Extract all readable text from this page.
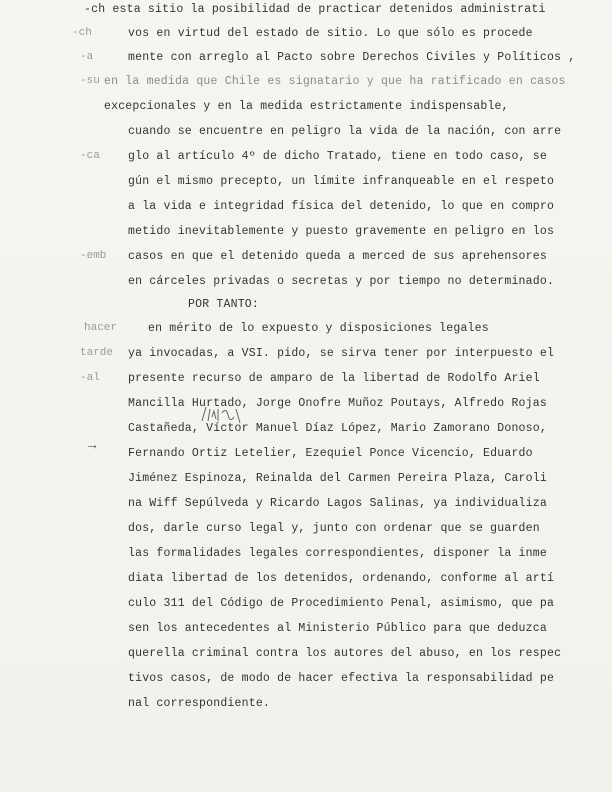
-ch esta sitio la posibilidad de practicar detenidos administrati
vos en virtud del estado de sitio. Lo que sólo es procede
mente con arreglo al Pacto sobre Derechos Civiles y Políticos ,
en la medida que Chile es signatario y que ha ratificado en casos
excepcionales y en la medida estrictamente indispensable,
cuando se encuentre en peligro la vida de la nación, con arre
glo al artículo 4º de dicho Tratado, tiene en todo caso, se
gún el mismo precepto, un límite infranqueable en el respeto
a la vida e integridad física del detenido, lo que en compro
metido inevitablemente y puesto gravemente en peligro en los
casos en que el detenido queda a merced de sus aprehensores
en cárceles privadas o secretas y por tiempo no determinado.
POR TANTO:
en mérito de lo expuesto y disposiciones legales
ya invocadas, a VSI. pido, se sirva tener por interpuesto el
presente recurso de amparo de la libertad de Rodolfo Ariel
Mancilla Hurtado, Jorge Onofre Muñoz Poutays, Alfredo Rojas
Castañeda, Víctor Manuel Díaz López, Mario Zamorano Donoso,
Fernando Ortiz Letelier, Ezequiel Ponce Vicencio, Eduardo
Jiménez Espinoza, Reinalda del Carmen Pereira Plaza, Caroli
na Wiff Sepúlveda y Ricardo Lagos Salinas, ya individualiza
dos, darle curso legal y, junto con ordenar que se guarden
las formalidades legales correspondientes, disponer la inme
diata libertad de los detenidos, ordenando, conforme al artí
culo 311 del Código de Procedimiento Penal, asimismo, que pa
sen los antecedentes al Ministerio Público para que deduzca
querella criminal contra los autores del abuso, en los respec
tivos casos, de modo de hacer efectiva la responsabilidad pe
nal correspondiente.
-ch
-a
-su
-ca
-emb
hacer
-al
tarde
→
